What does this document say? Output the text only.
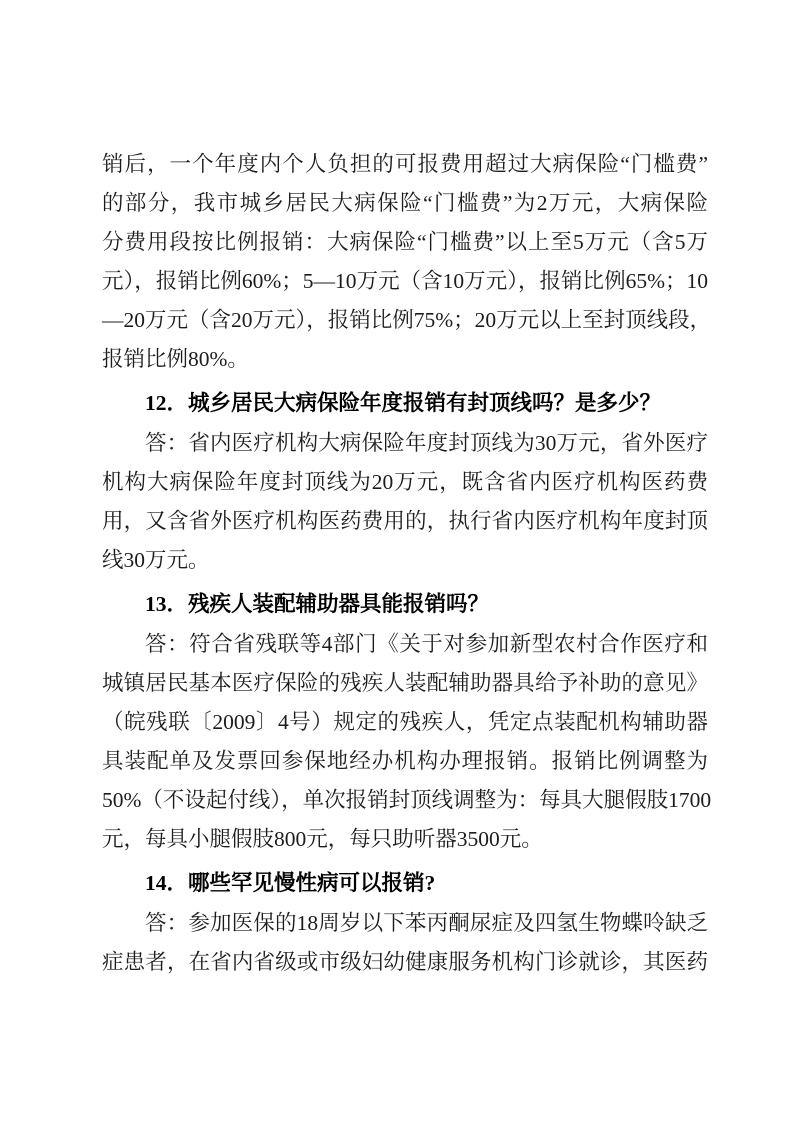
销后，一个年度内个人负担的可报费用超过大病保险“门槛费”
的部分，我市城乡居民大病保险“门槛费”为2万元，大病保险
分费用段按比例报销：大病保险“门槛费”以上至5万元（含5万
元），报销比例60%；5—10万元（含10万元），报销比例65%；10
—20万元（含20万元），报销比例75%；20万元以上至封顶线段，
报销比例80%。
12．城乡居民大病保险年度报销有封顶线吗？是多少？
答：省内医疗机构大病保险年度封顶线为30万元，省外医疗
机构大病保险年度封顶线为20万元，既含省内医疗机构医药费
用，又含省外医疗机构医药费用的，执行省内医疗机构年度封顶
线30万元。
13．残疾人装配辅助器具能报销吗？
答：符合省残联等4部门《关于对参加新型农村合作医疗和
城镇居民基本医疗保险的残疾人装配辅助器具给予补助的意见》
（皖残联〔2009〕4号）规定的残疾人，凭定点装配机构辅助器
具装配单及发票回参保地经办机构办理报销。报销比例调整为
50%（不设起付线），单次报销封顶线调整为：每具大腿假肢1700
元，每具小腿假肢800元，每只助听器3500元。
14．哪些罕见慢性病可以报销?
答：参加医保的18周岁以下苯丙酮尿症及四氢生物蝶呤缺乏
症患者，在省内省级或市级妇幼健康服务机构门诊就诊，其医药
